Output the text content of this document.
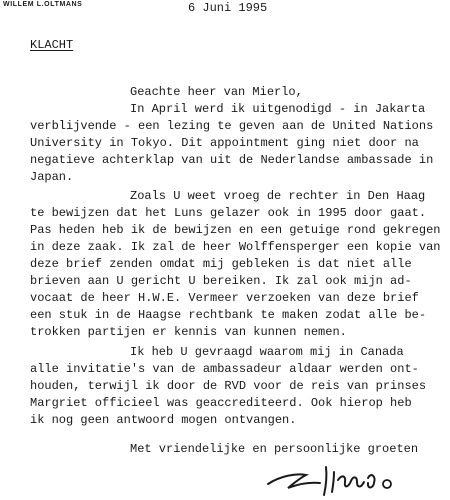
WILLEM L.OLTMANS	6 Juni 1995
KLACHT

Geachte heer van Mierlo,

In April werd ik uitgenodigd - in Jakarta

verblijvende - een lezing te geven aan de United Nations

University in Tokyo. Dit appointment ging niet door na

negatieve achterklap van uit de Nederlandse ambassade in

Japan.

Zoals U weet vroeg de rechter in Den Haag

te bewijzen dat het Luns gelazer ook in 1995 door gaat.

Pas heden heb ik de bewijzen en een getuige rond gekregen

in deze zaak. Ik zal de heer Wolffensperger een kopie van

deze brief zenden omdat mij gebleken is dat niet alle

brieven aan U gericht U bereiken. Ik zal ook mijn ad-

vocaat de heer H.W.E. Vermeer verzoeken van deze brief

een stuk in de Haagse rechtbank te maken zodat alle be-

trokken partijen er kennis van kunnen nemen.

Ik heb U gevraagd waarom mij in Canada

alle invitatie's van de ambassadeur aldaar werden ont-

houden, terwijl ik door de RVD voor de reis van prinses

Margriet officieel was geaccrediteerd. Ook hierop heb

ik nog geen antwoord mogen ontvangen.

Met vriendelijke en persoonlijke groeten
